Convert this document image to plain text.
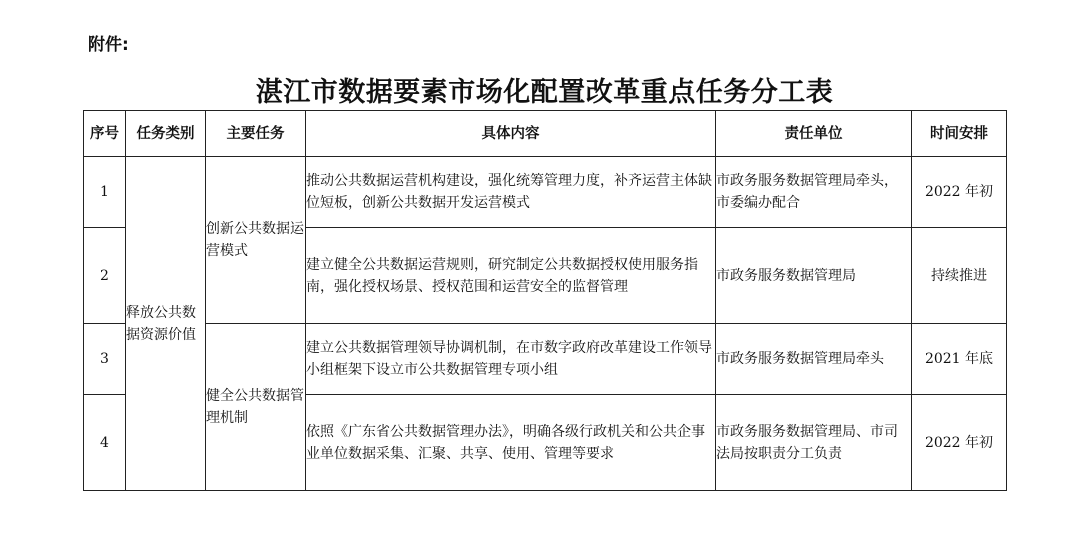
附件:
湛江市数据要素市场化配置改革重点任务分工表
序号	任务类别	主要任务	具体内容	责任单位	时间安排
1	释放公共数据资源价值	创新公共数据运营模式	推动公共数据运营机构建设，强化统筹管理力度，补齐运营主体缺位短板，创新公共数据开发运营模式	市政务服务数据管理局牵头，市委编办配合	2022 年初
2			建立健全公共数据运营规则，研究制定公共数据授权使用服务指南，强化授权场景、授权范围和运营安全的监督管理	市政务服务数据管理局	持续推进
3		健全公共数据管理机制	建立公共数据管理领导协调机制，在市数字政府改革建设工作领导小组框架下设立市公共数据管理专项小组	市政务服务数据管理局牵头	2021 年底
4			依照《广东省公共数据管理办法》，明确各级行政机关和公共企事业单位数据采集、汇聚、共享、使用、管理等要求	市政务服务数据管理局、市司法局按职责分工负责	2022 年初
